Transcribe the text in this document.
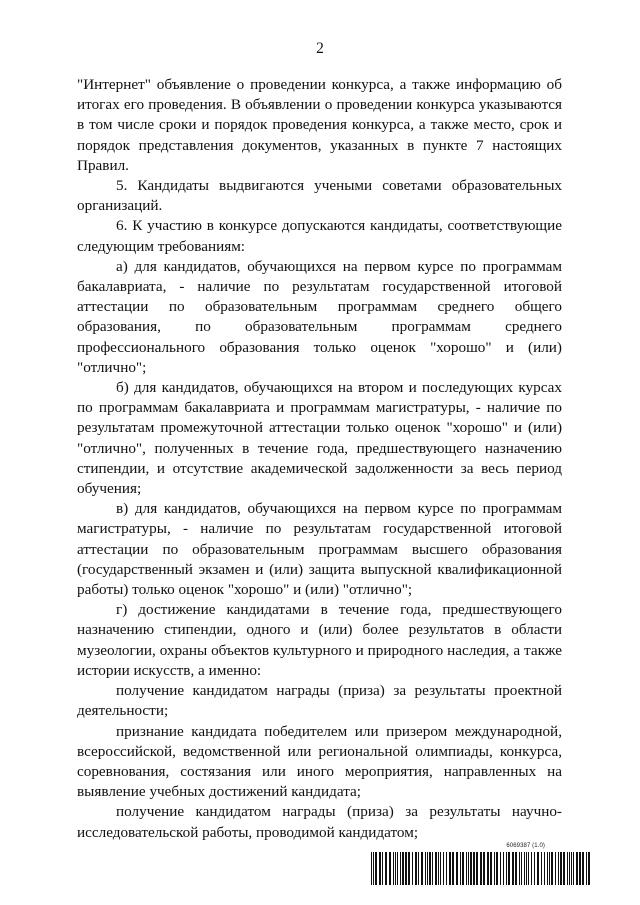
2

"Интернет" объявление о проведении конкурса, а также информацию об итогах его проведения. В объявлении о проведении конкурса указываются в том числе сроки и порядок проведения конкурса, а также место, срок и порядок представления документов, указанных в пункте 7 настоящих Правил.

5. Кандидаты выдвигаются учеными советами образовательных организаций.

6. К участию в конкурсе допускаются кандидаты, соответствующие следующим требованиям:

а) для кандидатов, обучающихся на первом курсе по программам бакалавриата, - наличие по результатам государственной итоговой аттестации по образовательным программам среднего общего образования, по образовательным программам среднего профессионального образования только оценок "хорошо" и (или) "отлично";

б) для кандидатов, обучающихся на втором и последующих курсах по программам бакалавриата и программам магистратуры, - наличие по результатам промежуточной аттестации только оценок "хорошо" и (или) "отлично", полученных в течение года, предшествующего назначению стипендии, и отсутствие академической задолженности за весь период обучения;

в) для кандидатов, обучающихся на первом курсе по программам магистратуры, - наличие по результатам государственной итоговой аттестации по образовательным программам высшего образования (государственный экзамен и (или) защита выпускной квалификационной работы) только оценок "хорошо" и (или) "отлично";

г) достижение кандидатами в течение года, предшествующего назначению стипендии, одного и (или) более результатов в области музеологии, охраны объектов культурного и природного наследия, а также истории искусств, а именно:

получение кандидатом награды (приза) за результаты проектной деятельности;

признание кандидата победителем или призером международной, всероссийской, ведомственной или региональной олимпиады, конкурса, соревнования, состязания или иного мероприятия, направленных на выявление учебных достижений кандидата;

получение кандидатом награды (приза) за результаты научно-исследовательской работы, проводимой кандидатом;

6069387 (1.0)
